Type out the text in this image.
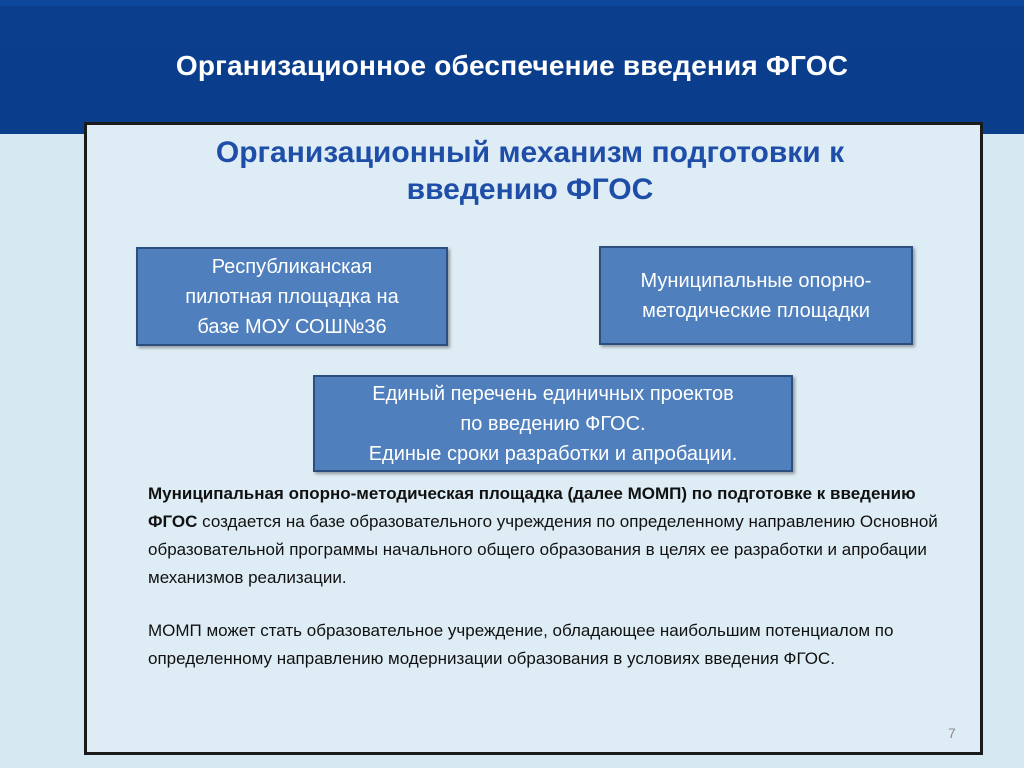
Организационное обеспечение введения ФГОС
Организационный механизм подготовки к
введению ФГОС
Республиканская
пилотная площадка на
базе МОУ СОШ№36
Муниципальные опорно-
методические площадки
Единый перечень единичных проектов
по введению ФГОС.
Единые сроки разработки и апробации.
Муниципальная опорно-методическая площадка (далее МОМП) по подготовке к введению ФГОС создается на базе образовательного учреждения по определенному направлению Основной образовательной программы начального общего образования в целях ее разработки и апробации механизмов реализации.
МОМП может стать образовательное учреждение, обладающее наибольшим потенциалом по определенному направлению модернизации образования в условиях введения ФГОС.
7
